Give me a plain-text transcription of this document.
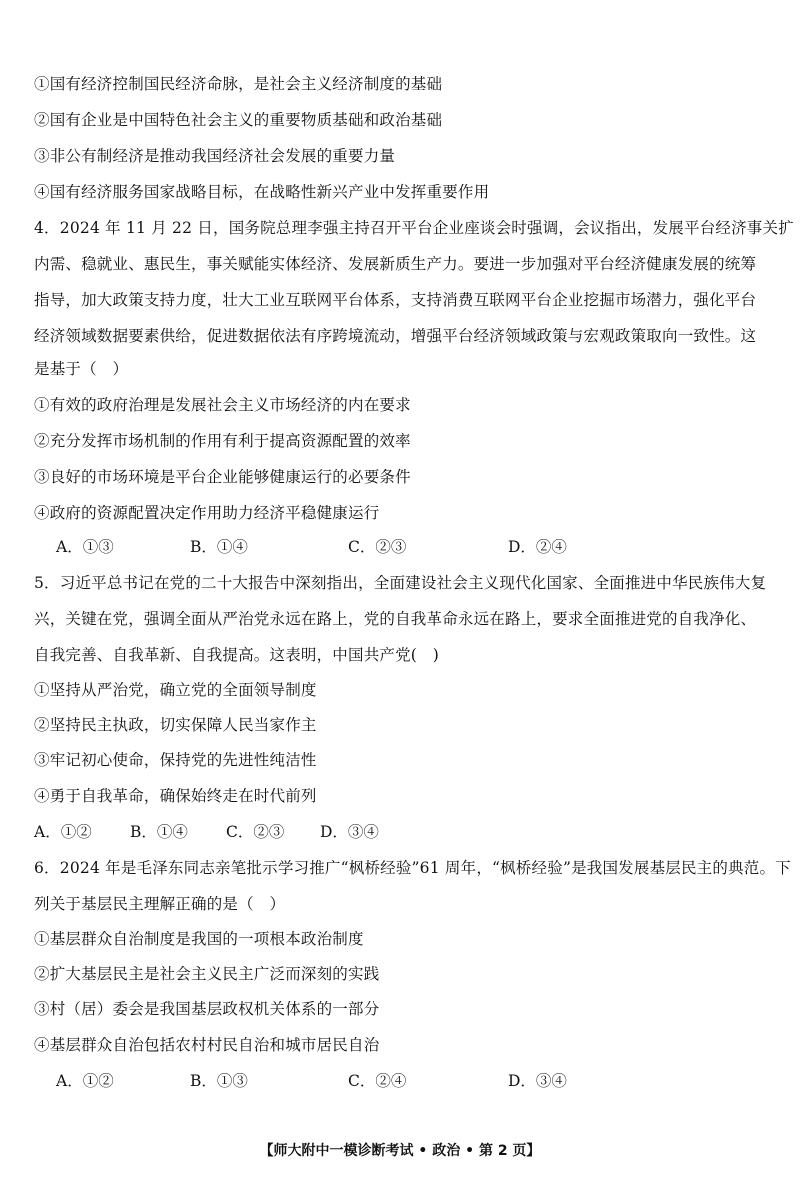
①国有经济控制国民经济命脉，是社会主义经济制度的基础
②国有企业是中国特色社会主义的重要物质基础和政治基础
③非公有制经济是推动我国经济社会发展的重要力量
④国有经济服务国家战略目标，在战略性新兴产业中发挥重要作用
4．2024 年 11 月 22 日，国务院总理李强主持召开平台企业座谈会时强调，会议指出，发展平台经济事关扩
内需、稳就业、惠民生，事关赋能实体经济、发展新质生产力。要进一步加强对平台经济健康发展的统筹
指导，加大政策支持力度，壮大工业互联网平台体系，支持消费互联网平台企业挖掘市场潜力，强化平台
经济领域数据要素供给，促进数据依法有序跨境流动，增强平台经济领域政策与宏观政策取向一致性。这
是基于（　）
①有效的政府治理是发展社会主义市场经济的内在要求
②充分发挥市场机制的作用有利于提高资源配置的效率
③良好的市场环境是平台企业能够健康运行的必要条件
④政府的资源配置决定作用助力经济平稳健康运行
A．①③	B．①④	C．②③	D．②④
5．习近平总书记在党的二十大报告中深刻指出，全面建设社会主义现代化国家、全面推进中华民族伟大复
兴，关键在党，强调全面从严治党永远在路上，党的自我革命永远在路上，要求全面推进党的自我净化、
自我完善、自我革新、自我提高。这表明，中国共产党(　)
①坚持从严治党，确立党的全面领导制度
②坚持民主执政，切实保障人民当家作主
③牢记初心使命，保持党的先进性纯洁性
④勇于自我革命，确保始终走在时代前列
A．①② B．①④ C．②③ D．③④
6．2024 年是毛泽东同志亲笔批示学习推广“枫桥经验”61 周年，“枫桥经验”是我国发展基层民主的典范。下
列关于基层民主理解正确的是（　）
①基层群众自治制度是我国的一项根本政治制度
②扩大基层民主是社会主义民主广泛而深刻的实践
③村（居）委会是我国基层政权机关体系的一部分
④基层群众自治包括农村村民自治和城市居民自治
A．①②	B．①③	C．②④	D．③④
【师大附中一模诊断考试 • 政治 • 第 2 页】
